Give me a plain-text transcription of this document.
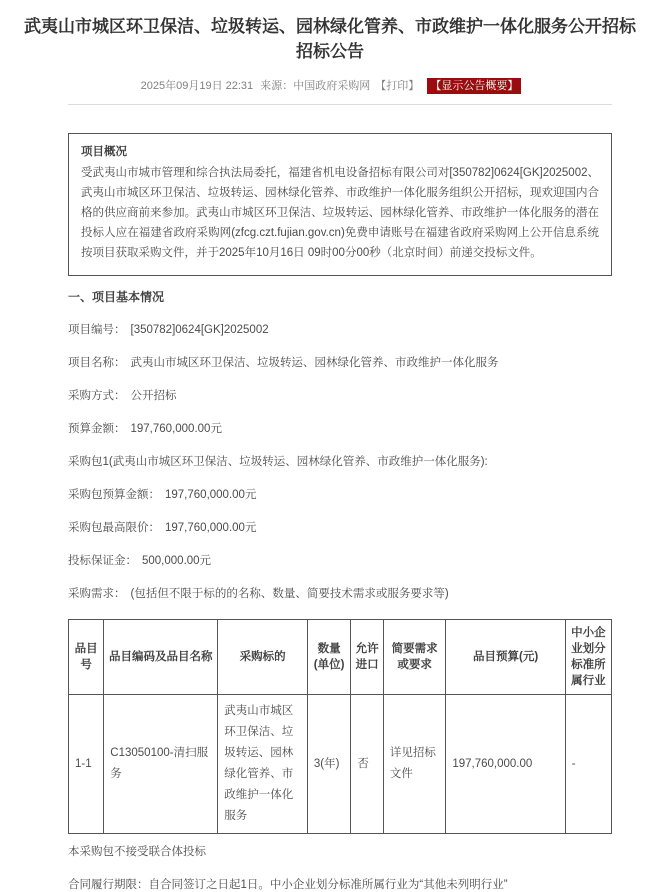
武夷山市城区环卫保洁、垃圾转运、园林绿化管养、市政维护一体化服务公开招标
招标公告
2025年09月19日 22:31 来源：中国政府采购网 【打印】 【显示公告概要】
项目概况
受武夷山市城市管理和综合执法局委托，福建省机电设备招标有限公司对[350782]0624[GK]2025002、武夷山市城区环卫保洁、垃圾转运、园林绿化管养、市政维护一体化服务组织公开招标，现欢迎国内合格的供应商前来参加。武夷山市城区环卫保洁、垃圾转运、园林绿化管养、市政维护一体化服务的潜在投标人应在福建省政府采购网(zfcg.czt.fujian.gov.cn)免费申请账号在福建省政府采购网上公开信息系统按项目获取采购文件，并于2025年10月16日 09时00分00秒（北京时间）前递交投标文件。
一、项目基本情况

项目编号： [350782]0624[GK]2025002

项目名称： 武夷山市城区环卫保洁、垃圾转运、园林绿化管养、市政维护一体化服务

采购方式： 公开招标

预算金额： 197,760,000.00元

采购包1(武夷山市城区环卫保洁、垃圾转运、园林绿化管养、市政维护一体化服务):

采购包预算金额： 197,760,000.00元

采购包最高限价： 197,760,000.00元

投标保证金： 500,000.00元

采购需求： (包括但不限于标的的名称、数量、简要技术需求或服务要求等)

品目号	品目编码及品目名称	采购标的	数量(单位)	允许进口	简要需求或要求	品目预算(元)	中小企业划分标准所属行业
1-1	C13050100-清扫服务	武夷山市城区环卫保洁、垃圾转运、园林绿化管养、市政维护一体化服务	3(年)	否	详见招标文件	197,760,000.00	-

本采购包不接受联合体投标

合同履行期限：自合同签订之日起1日。中小企业划分标准所属行业为“其他未列明行业”
